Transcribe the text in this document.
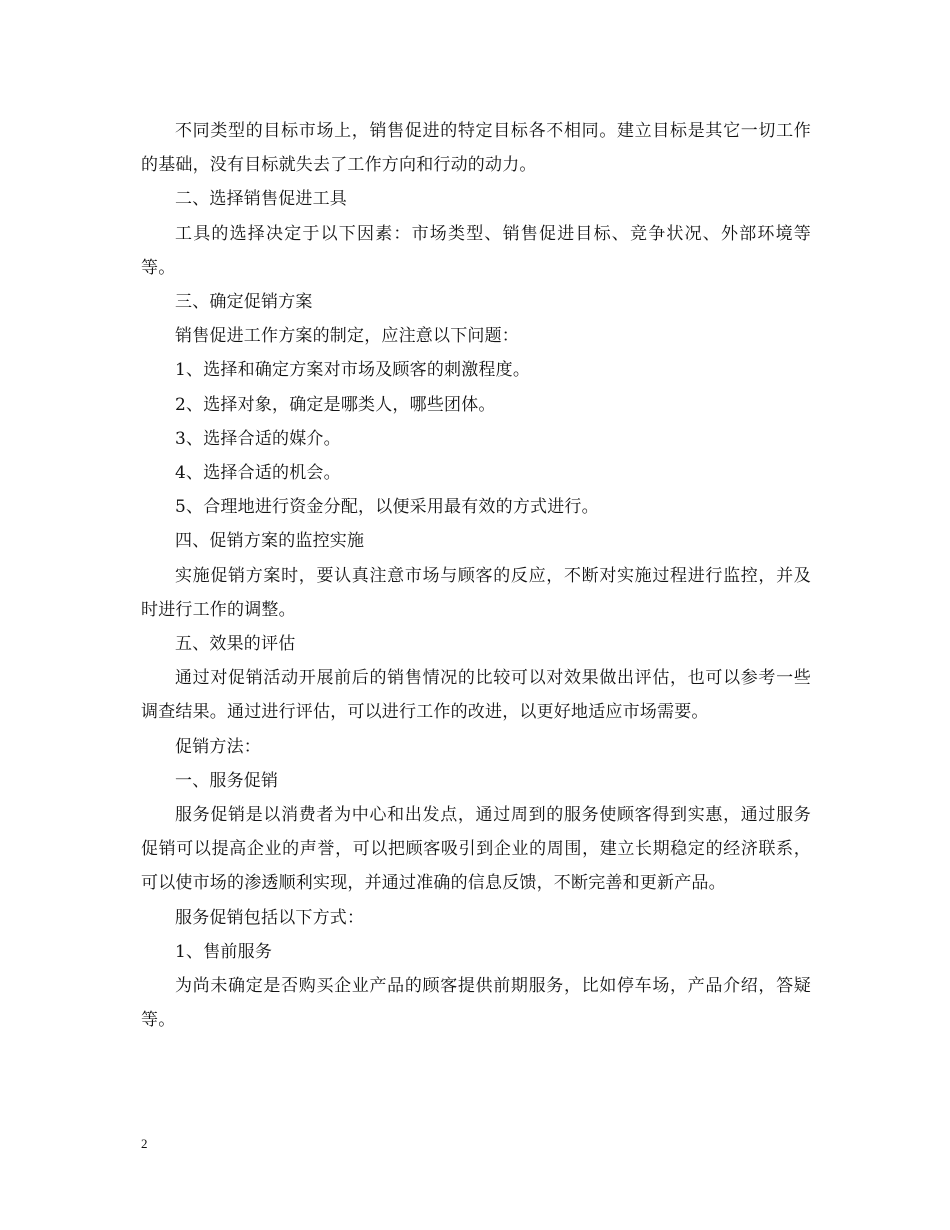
不同类型的目标市场上，销售促进的特定目标各不相同。建立目标是其它一切工作的基础，没有目标就失去了工作方向和行动的动力。

二、选择销售促进工具

工具的选择决定于以下因素：市场类型、销售促进目标、竞争状况、外部环境等等。

三、确定促销方案

销售促进工作方案的制定，应注意以下问题：

1、选择和确定方案对市场及顾客的刺激程度。

2、选择对象，确定是哪类人，哪些团体。

3、选择合适的媒介。

4、选择合适的机会。

5、合理地进行资金分配，以便采用最有效的方式进行。

四、促销方案的监控实施

实施促销方案时，要认真注意市场与顾客的反应，不断对实施过程进行监控，并及时进行工作的调整。

五、效果的评估

通过对促销活动开展前后的销售情况的比较可以对效果做出评估，也可以参考一些调查结果。通过进行评估，可以进行工作的改进，以更好地适应市场需要。

促销方法：

一、服务促销

服务促销是以消费者为中心和出发点，通过周到的服务使顾客得到实惠，通过服务促销可以提高企业的声誉，可以把顾客吸引到企业的周围，建立长期稳定的经济联系，可以使市场的渗透顺利实现，并通过准确的信息反馈，不断完善和更新产品。

服务促销包括以下方式：

1、售前服务

为尚未确定是否购买企业产品的顾客提供前期服务，比如停车场，产品介绍，答疑等。

2
